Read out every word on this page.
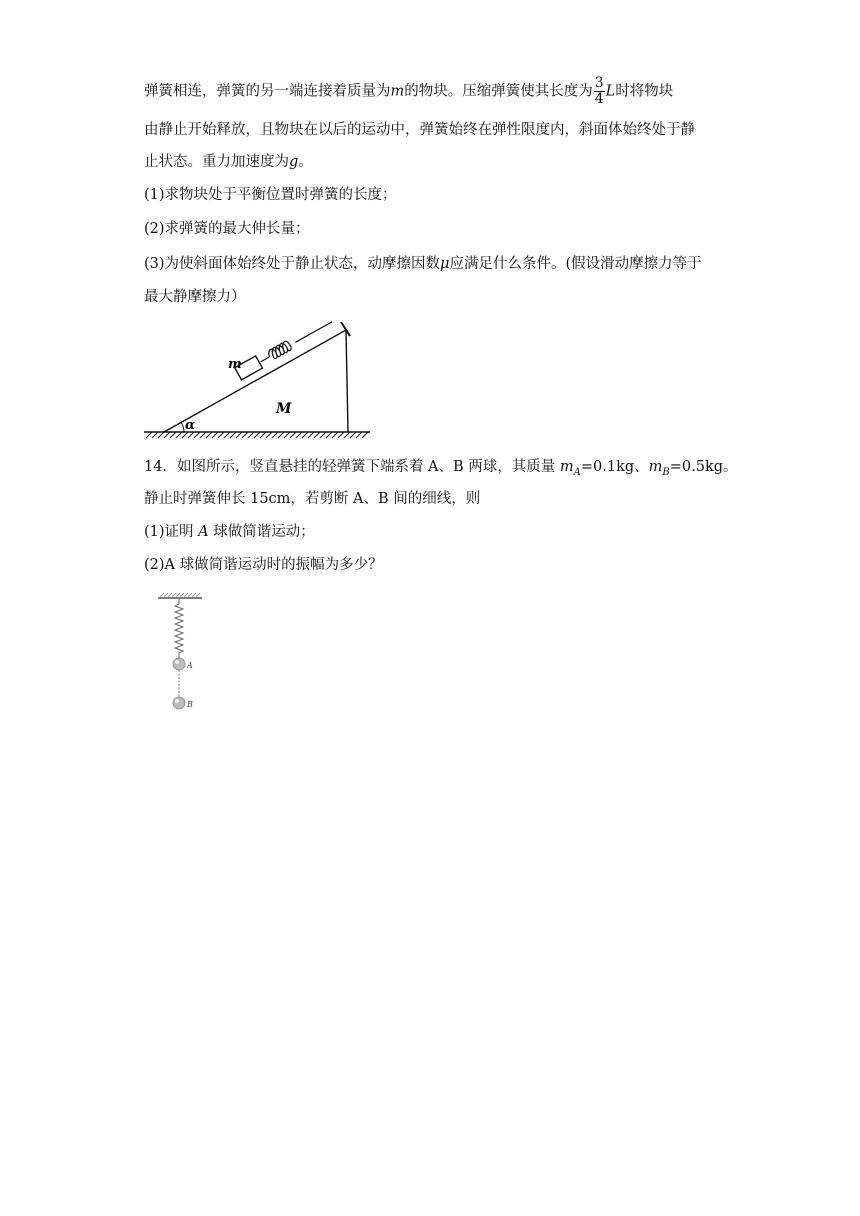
弹簧相连，弹簧的另一端连接着质量为m的物块。压缩弹簧使其长度为 $\frac{3}{4}$ L时将物块
由静止开始释放，且物块在以后的运动中，弹簧始终在弹性限度内，斜面体始终处于静
止状态。重力加速度为g。
(1)求物块处于平衡位置时弹簧的长度；
(2)求弹簧的最大伸长量；
(3)为使斜面体始终处于静止状态，动摩擦因数μ应满足什么条件。(假设滑动摩擦力等于
最大静摩擦力）
α
m
M
14．如图所示，竖直悬挂的轻弹簧下端系着 A、B 两球，其质量 $m_A=0.1kg$、$m_B=0.5kg$。
静止时弹簧伸长 15cm，若剪断 A、B 间的细线，则
(1)证明 A 球做简谐运动；
(2)A 球做简谐运动时的振幅为多少？
A
B
